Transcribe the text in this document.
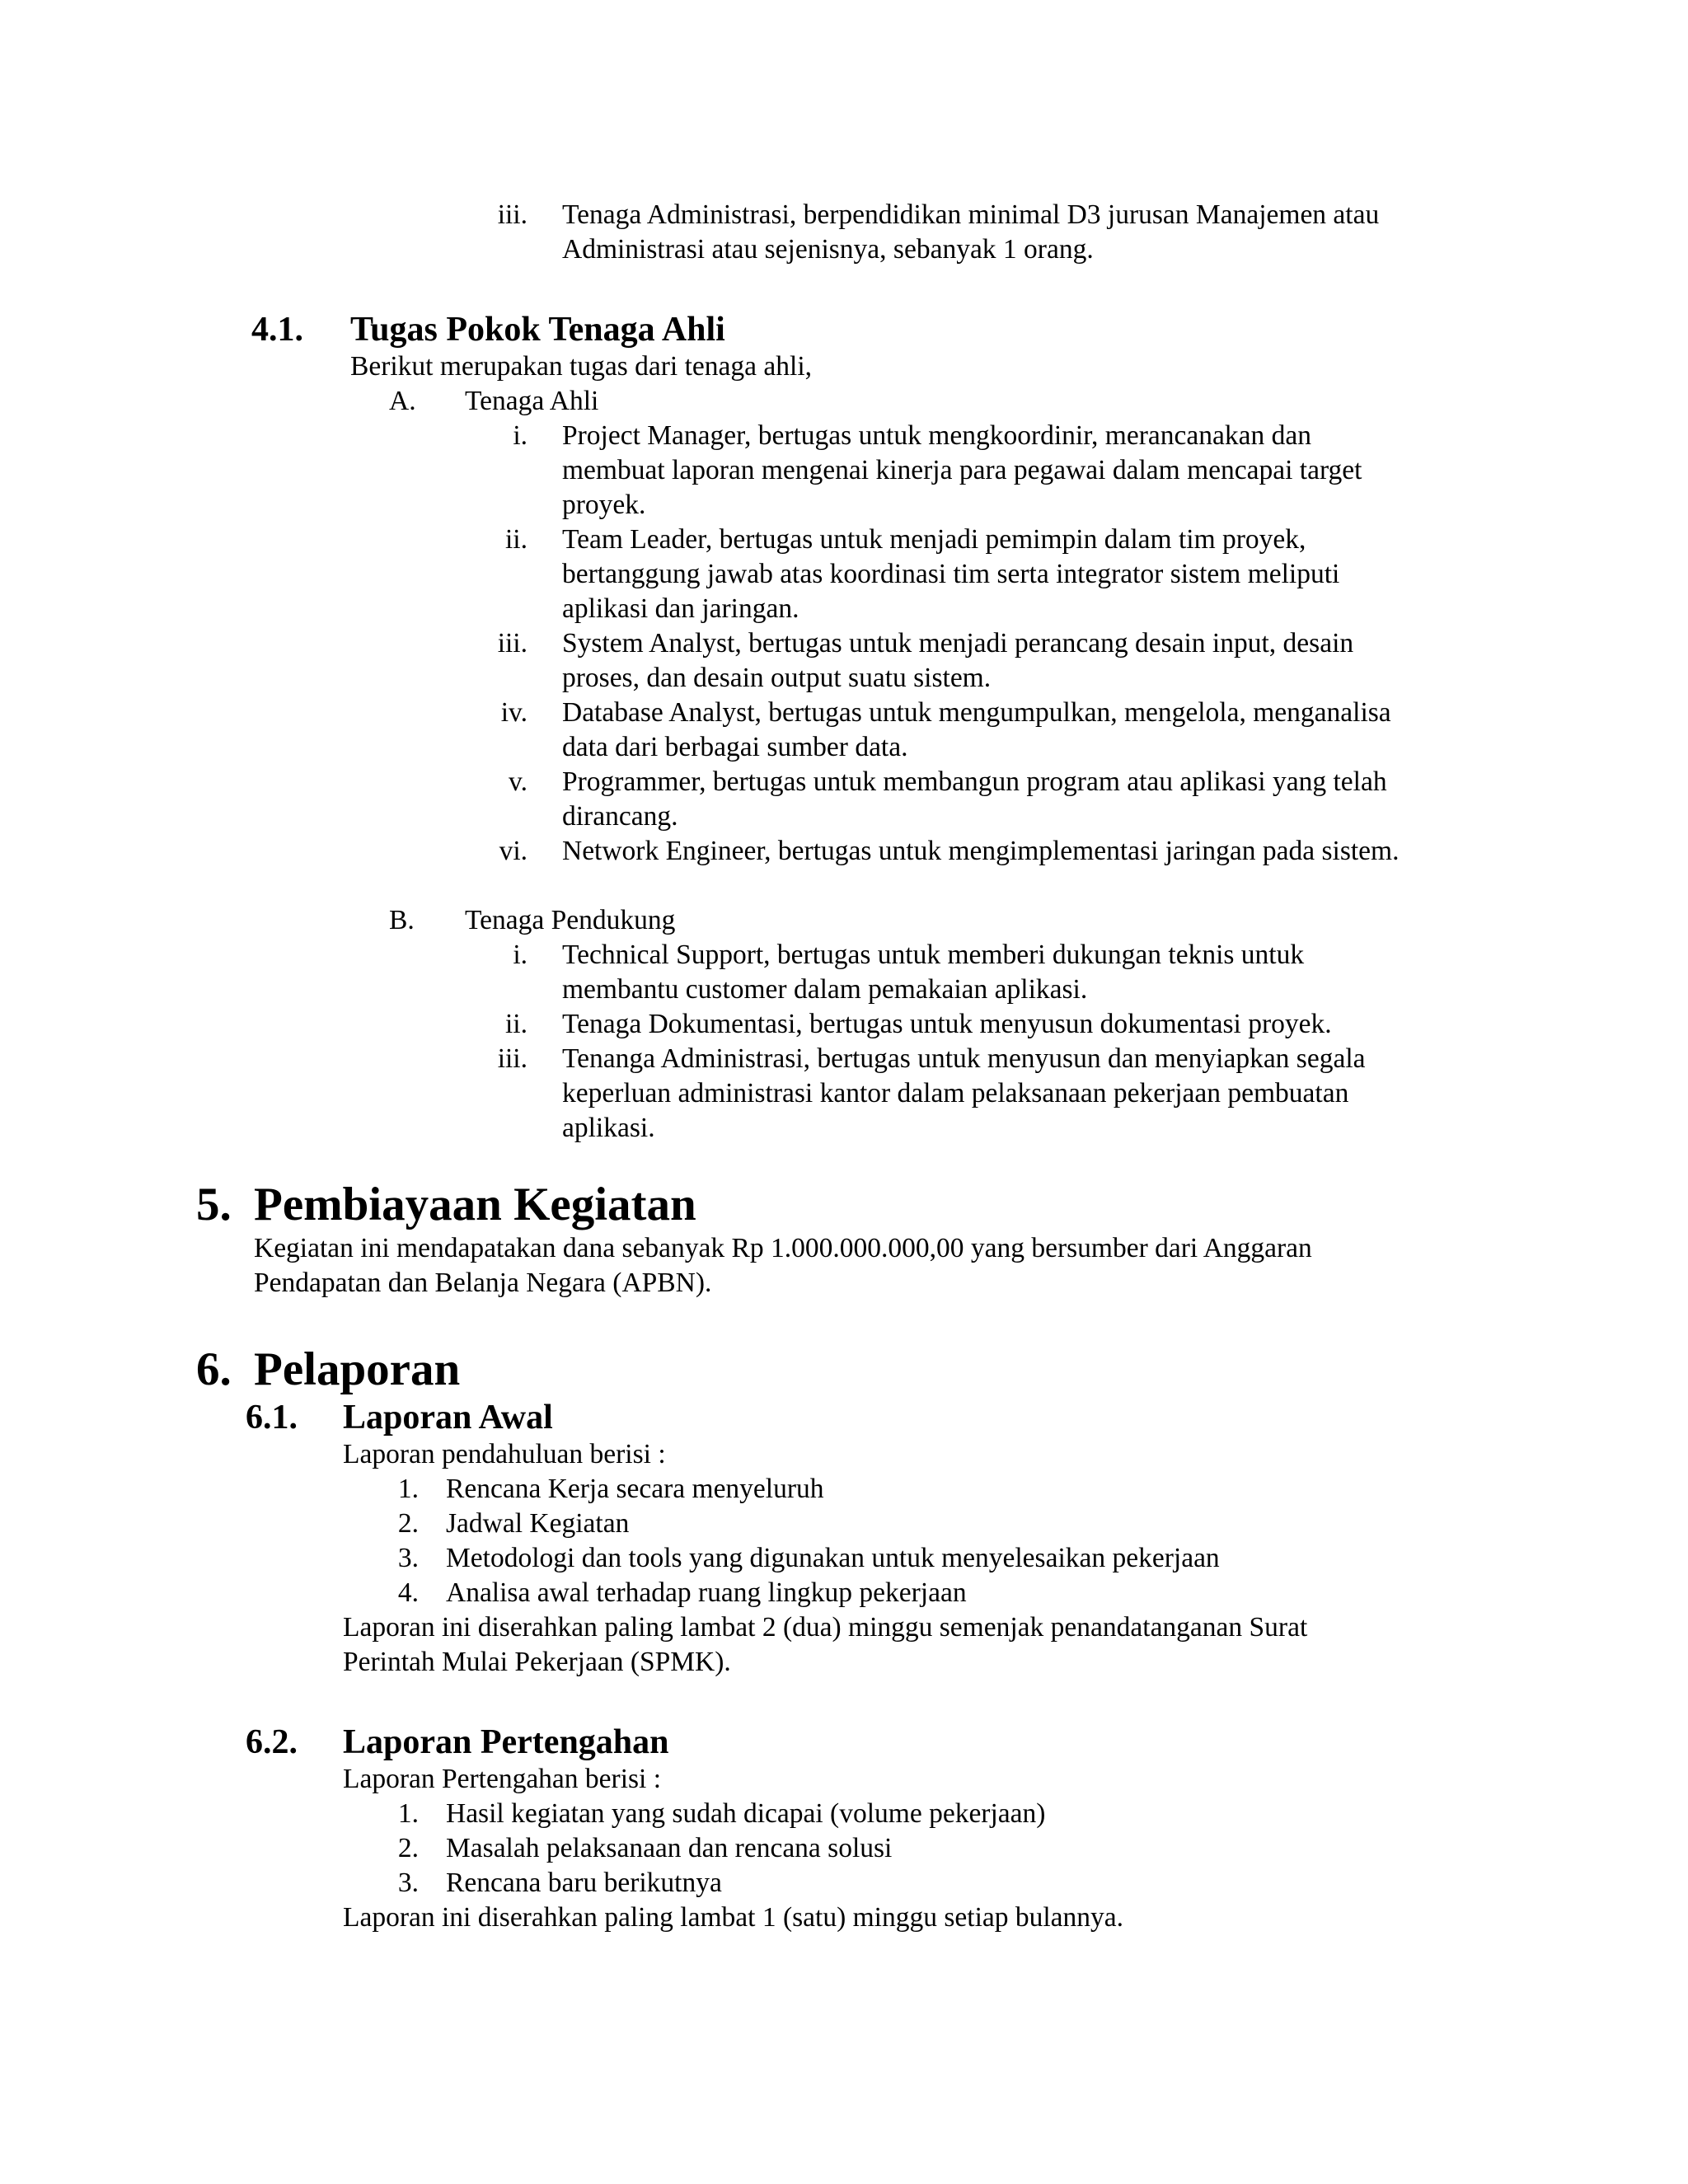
iii. Tenaga Administrasi, berpendidikan minimal D3 jurusan Manajemen atau
Administrasi atau sejenisnya, sebanyak 1 orang.
4.1. Tugas Pokok Tenaga Ahli
Berikut merupakan tugas dari tenaga ahli,
A. Tenaga Ahli
i. Project Manager, bertugas untuk mengkoordinir, merancanakan dan
membuat laporan mengenai kinerja para pegawai dalam mencapai target
proyek.
ii. Team Leader, bertugas untuk menjadi pemimpin dalam tim proyek,
bertanggung jawab atas koordinasi tim serta integrator sistem meliputi
aplikasi dan jaringan.
iii. System Analyst, bertugas untuk menjadi perancang desain input, desain
proses, dan desain output suatu sistem.
iv. Database Analyst, bertugas untuk mengumpulkan, mengelola, menganalisa
data dari berbagai sumber data.
v. Programmer, bertugas untuk membangun program atau aplikasi yang telah
dirancang.
vi. Network Engineer, bertugas untuk mengimplementasi jaringan pada sistem.
B. Tenaga Pendukung
i. Technical Support, bertugas untuk memberi dukungan teknis untuk
membantu customer dalam pemakaian aplikasi.
ii. Tenaga Dokumentasi, bertugas untuk menyusun dokumentasi proyek.
iii. Tenanga Administrasi, bertugas untuk menyusun dan menyiapkan segala
keperluan administrasi kantor dalam pelaksanaan pekerjaan pembuatan
aplikasi.
5. Pembiayaan Kegiatan
Kegiatan ini mendapatakan dana sebanyak Rp 1.000.000.000,00 yang bersumber dari Anggaran
Pendapatan dan Belanja Negara (APBN).
6. Pelaporan
6.1. Laporan Awal
Laporan pendahuluan berisi :
1. Rencana Kerja secara menyeluruh
2. Jadwal Kegiatan
3. Metodologi dan tools yang digunakan untuk menyelesaikan pekerjaan
4. Analisa awal terhadap ruang lingkup pekerjaan
Laporan ini diserahkan paling lambat 2 (dua) minggu semenjak penandatanganan Surat
Perintah Mulai Pekerjaan (SPMK).
6.2. Laporan Pertengahan
Laporan Pertengahan berisi :
1. Hasil kegiatan yang sudah dicapai (volume pekerjaan)
2. Masalah pelaksanaan dan rencana solusi
3. Rencana baru berikutnya
Laporan ini diserahkan paling lambat 1 (satu) minggu setiap bulannya.
